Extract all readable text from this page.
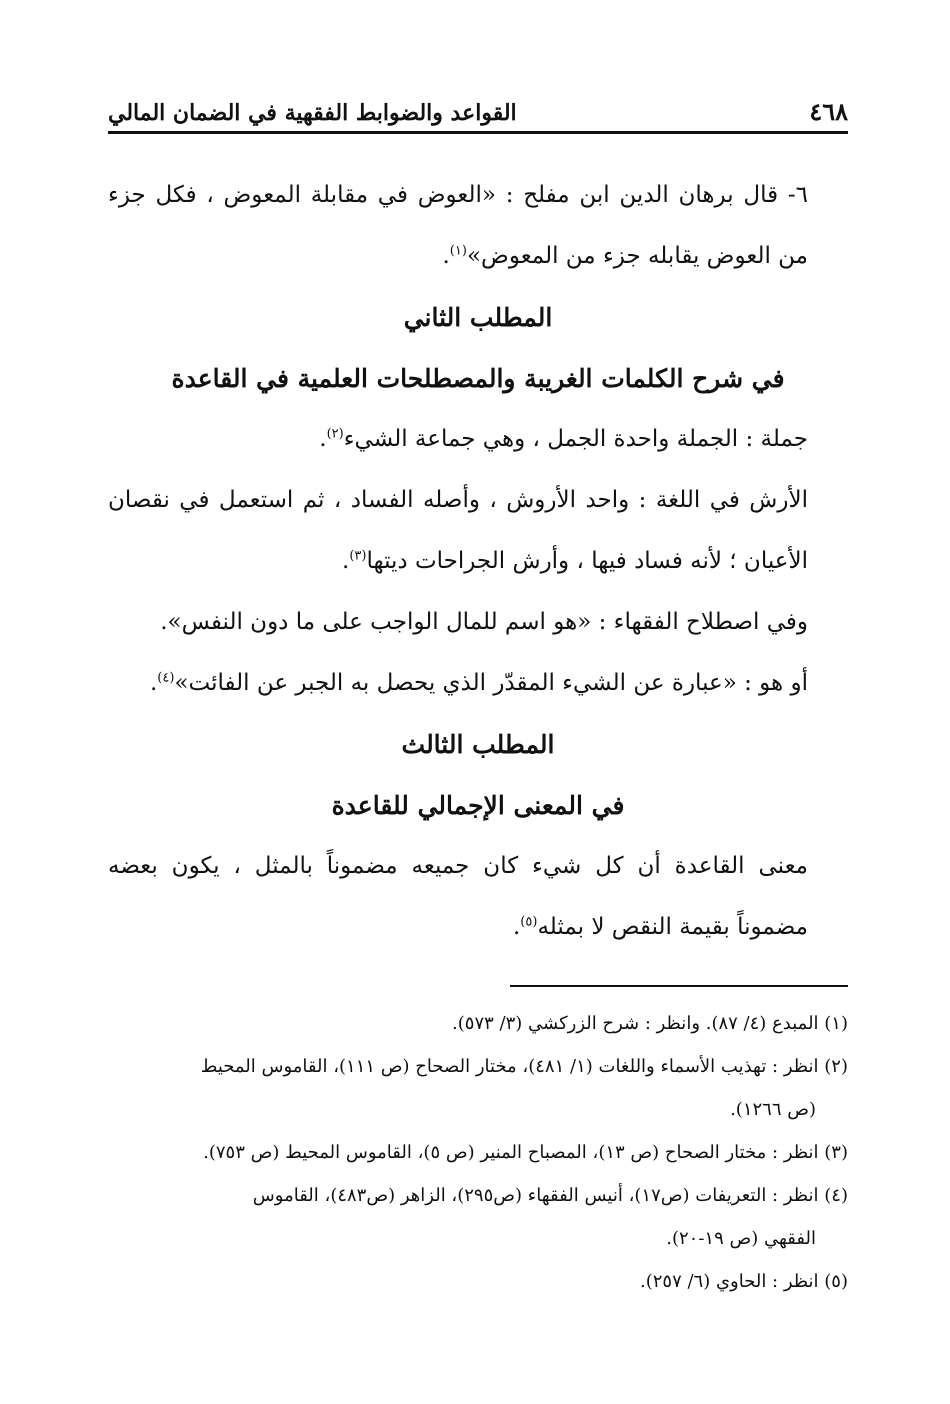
٤٦٨
القواعد والضوابط الفقهية في الضمان المالي

٦- قال برهان الدين ابن مفلح : «العوض في مقابلة المعوض ، فكل جزء من العوض يقابله جزء من المعوض»$^{(١)}$.

المطلب الثاني

في شرح الكلمات الغريبة والمصطلحات العلمية في القاعدة

جملة : الجملة واحدة الجمل ، وهي جماعة الشيء$^{(٢)}$.

الأرش في اللغة : واحد الأروش ، وأصله الفساد ، ثم استعمل في نقصان الأعيان ؛ لأنه فساد فيها ، وأرش الجراحات ديتها$^{(٣)}$.

وفي اصطلاح الفقهاء : «هو اسم للمال الواجب على ما دون النفس».

أو هو : «عبارة عن الشيء المقدّر الذي يحصل به الجبر عن الفائت»$^{(٤)}$.

المطلب الثالث

في المعنى الإجمالي للقاعدة

معنى القاعدة أن كل شيء كان جميعه مضموناً بالمثل ، يكون بعضه مضموناً بقيمة النقص لا بمثله$^{(٥)}$.

(١) المبدع (٤/ ٨٧). وانظر : شرح الزركشي (٣/ ٥٧٣).

(٢) انظر : تهذيب الأسماء واللغات (١/ ٤٨١)، مختار الصحاح (ص ١١١)، القاموس المحيط

(ص ١٢٦٦).

(٣) انظر : مختار الصحاح (ص ١٣)، المصباح المنير (ص ٥)، القاموس المحيط (ص ٧٥٣).

(٤) انظر : التعريفات (ص١٧)، أنيس الفقهاء (ص٢٩٥)، الزاهر (ص٤٨٣)، القاموس

الفقهي (ص ١٩-٢٠).

(٥) انظر : الحاوي (٦/ ٢٥٧).
